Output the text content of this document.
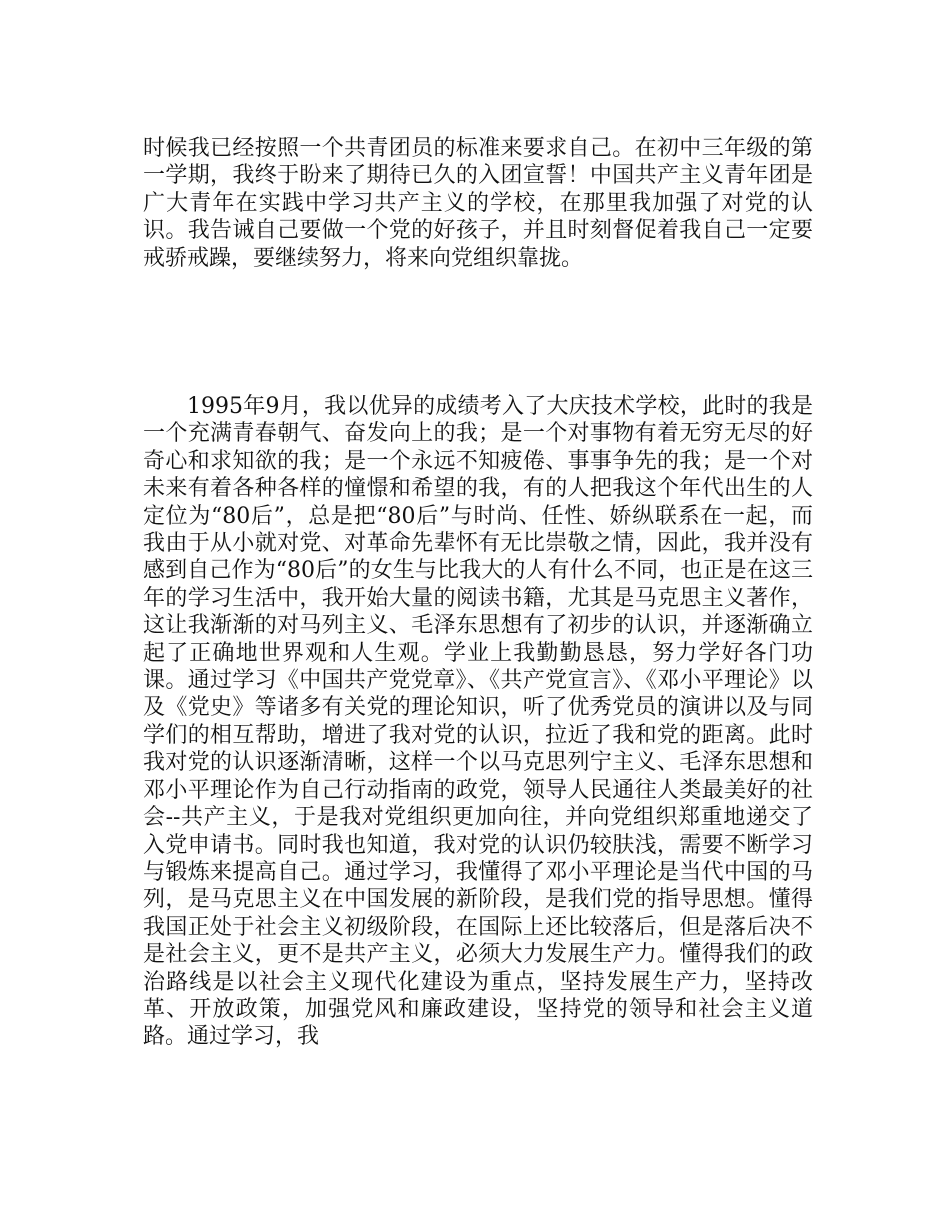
时候我已经按照一个共青团员的标准来要求自己。在初中三年级的第一学期，我终于盼来了期待已久的入团宣誓！中国共产主义青年团是广大青年在实践中学习共产主义的学校，在那里我加强了对党的认识。我告诫自己要做一个党的好孩子，并且时刻督促着我自己一定要戒骄戒躁，要继续努力，将来向党组织靠拢。

1995年9月，我以优异的成绩考入了大庆技术学校，此时的我是一个充满青春朝气、奋发向上的我；是一个对事物有着无穷无尽的好奇心和求知欲的我；是一个永远不知疲倦、事事争先的我；是一个对未来有着各种各样的憧憬和希望的我，有的人把我这个年代出生的人定位为“80后”，总是把“80后”与时尚、任性、娇纵联系在一起，而我由于从小就对党、对革命先辈怀有无比崇敬之情，因此，我并没有感到自己作为“80后”的女生与比我大的人有什么不同，也正是在这三年的学习生活中，我开始大量的阅读书籍，尤其是马克思主义著作，这让我渐渐的对马列主义、毛泽东思想有了初步的认识，并逐渐确立起了正确地世界观和人生观。学业上我勤勤恳恳，努力学好各门功课。通过学习《中国共产党党章》、《共产党宣言》、《邓小平理论》以及《党史》等诸多有关党的理论知识，听了优秀党员的演讲以及与同学们的相互帮助，增进了我对党的认识，拉近了我和党的距离。此时我对党的认识逐渐清晰，这样一个以马克思列宁主义、毛泽东思想和邓小平理论作为自己行动指南的政党，领导人民通往人类最美好的社会--共产主义，于是我对党组织更加向往，并向党组织郑重地递交了入党申请书。同时我也知道，我对党的认识仍较肤浅，需要不断学习与锻炼来提高自己。通过学习，我懂得了邓小平理论是当代中国的马列，是马克思主义在中国发展的新阶段，是我们党的指导思想。懂得我国正处于社会主义初级阶段，在国际上还比较落后，但是落后决不是社会主义，更不是共产主义，必须大力发展生产力。懂得我们的政治路线是以社会主义现代化建设为重点，坚持发展生产力，坚持改革、开放政策，加强党风和廉政建设，坚持党的领导和社会主义道路。通过学习，我
